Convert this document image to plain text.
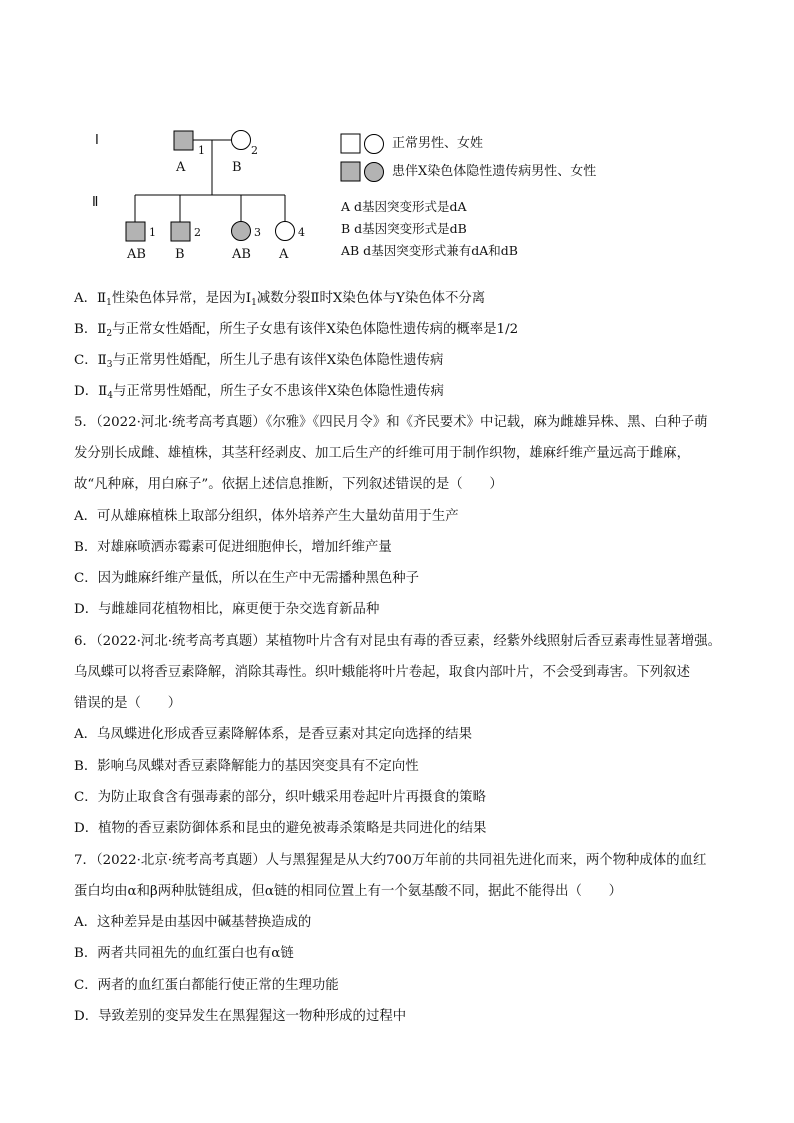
Ⅰ
Ⅱ
1	2
A	B
1	2	3	4
AB B	AB A
正常男性、女姓
患伴X染色体隐性遗传病男性、女性
A d基因突变形式是dA
B d基因突变形式是dB
AB d基因突变形式兼有dA和dB
A．$Ⅱ_1$性染色体异常，是因为$Ⅰ_1$减数分裂Ⅱ时X染色体与Y染色体不分离
B．$Ⅱ_2$与正常女性婚配，所生子女患有该伴X染色体隐性遗传病的概率是1/2
C．$Ⅱ_3$与正常男性婚配，所生儿子患有该伴X染色体隐性遗传病
D．$Ⅱ_4$与正常男性婚配，所生子女不患该伴X染色体隐性遗传病
5．（2022·河北·统考高考真题）《尔雅》《四民月令》和《齐民要术》中记载，麻为雌雄异株、黑、白种子萌
发分别长成雌、雄植株，其茎秆经剥皮、加工后生产的纤维可用于制作织物，雄麻纤维产量远高于雌麻，
故“凡种麻，用白麻子”。依据上述信息推断，下列叙述错误的是（　　）
A．可从雄麻植株上取部分组织，体外培养产生大量幼苗用于生产
B．对雄麻喷洒赤霉素可促进细胞伸长，增加纤维产量
C．因为雌麻纤维产量低，所以在生产中无需播种黑色种子
D．与雌雄同花植物相比，麻更便于杂交选育新品种
6．（2022·河北·统考高考真题）某植物叶片含有对昆虫有毒的香豆素，经紫外线照射后香豆素毒性显著增强。
乌凤蝶可以将香豆素降解，消除其毒性。织叶蛾能将叶片卷起，取食内部叶片，不会受到毒害。下列叙述
错误的是（　　）
A．乌凤蝶进化形成香豆素降解体系，是香豆素对其定向选择的结果
B．影响乌凤蝶对香豆素降解能力的基因突变具有不定向性
C．为防止取食含有强毒素的部分，织叶蛾采用卷起叶片再摄食的策略
D．植物的香豆素防御体系和昆虫的避免被毒杀策略是共同进化的结果
7．（2022·北京·统考高考真题）人与黑猩猩是从大约700万年前的共同祖先进化而来，两个物种成体的血红
蛋白均由α和β两种肽链组成，但α链的相同位置上有一个氨基酸不同，据此不能得出（　　）
A．这种差异是由基因中碱基替换造成的
B．两者共同祖先的血红蛋白也有α链
C．两者的血红蛋白都能行使正常的生理功能
D．导致差别的变异发生在黑猩猩这一物种形成的过程中
